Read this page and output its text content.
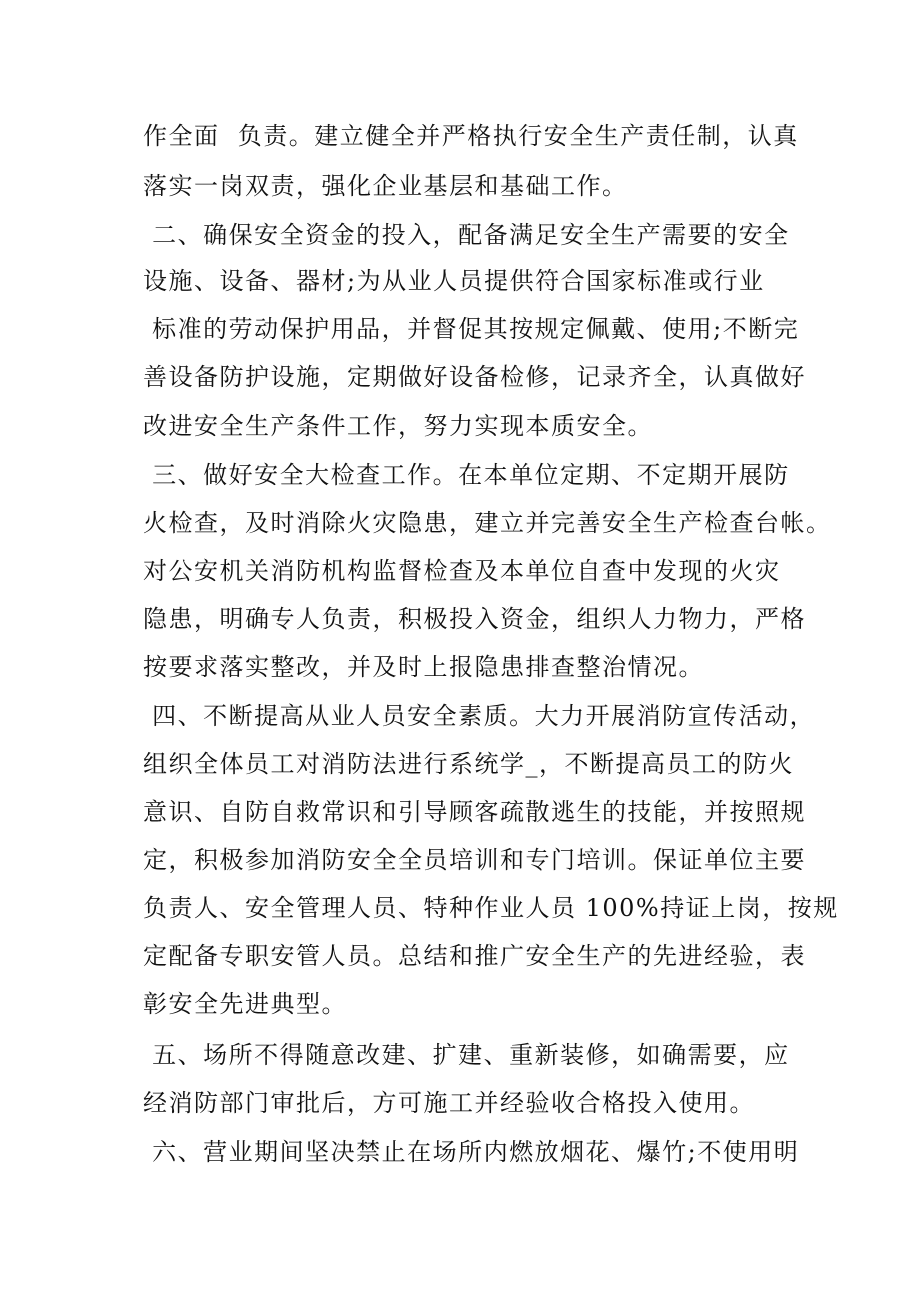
作全面  负责。建立健全并严格执行安全生产责任制，认真
落实一岗双责，强化企业基层和基础工作。
二、确保安全资金的投入，配备满足安全生产需要的安全
设施、设备、器材;为从业人员提供符合国家标准或行业
标准的劳动保护用品，并督促其按规定佩戴、使用;不断完
善设备防护设施，定期做好设备检修，记录齐全，认真做好
改进安全生产条件工作，努力实现本质安全。
三、做好安全大检查工作。在本单位定期、不定期开展防
火检查，及时消除火灾隐患，建立并完善安全生产检查台帐。
对公安机关消防机构监督检查及本单位自查中发现的火灾
隐患，明确专人负责，积极投入资金，组织人力物力，严格
按要求落实整改，并及时上报隐患排查整治情况。
四、不断提高从业人员安全素质。大力开展消防宣传活动，
组织全体员工对消防法进行系统学_，不断提高员工的防火
意识、自防自救常识和引导顾客疏散逃生的技能，并按照规
定，积极参加消防安全全员培训和专门培训。保证单位主要
负责人、安全管理人员、特种作业人员 100%持证上岗，按规
定配备专职安管人员。总结和推广安全生产的先进经验，表
彰安全先进典型。
五、场所不得随意改建、扩建、重新装修，如确需要，应
经消防部门审批后，方可施工并经验收合格投入使用。
六、营业期间坚决禁止在场所内燃放烟花、爆竹;不使用明
